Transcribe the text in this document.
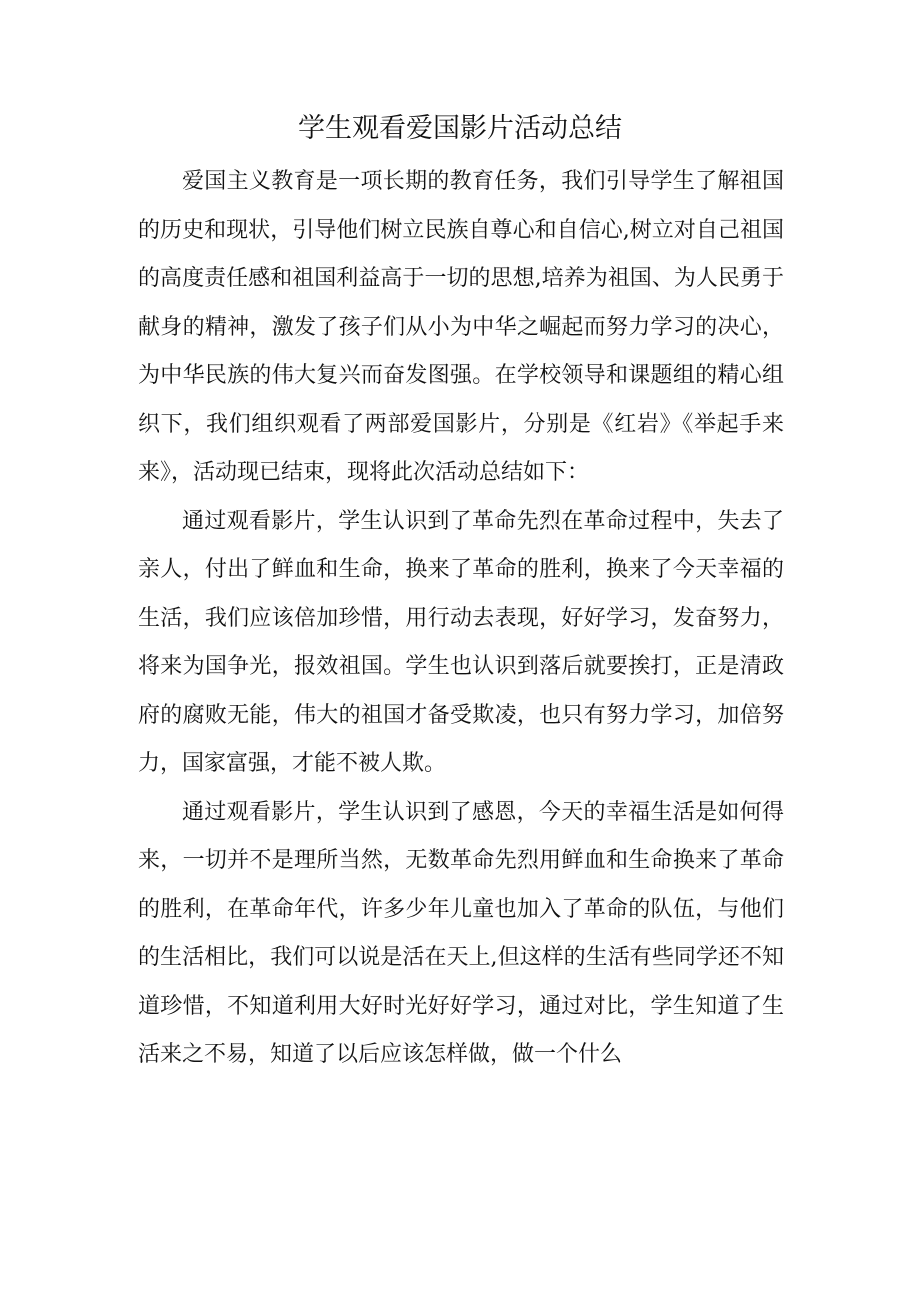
学生观看爱国影片活动总结

爱国主义教育是一项长期的教育任务，我们引导学生了解祖国的历史和现状，引导他们树立民族自尊心和自信心,树立对自己祖国的高度责任感和祖国利益高于一切的思想,培养为祖国、为人民勇于献身的精神，激发了孩子们从小为中华之崛起而努力学习的决心，为中华民族的伟大复兴而奋发图强。在学校领导和课题组的精心组织下，我们组织观看了两部爱国影片，分别是《红岩》《举起手来来》，活动现已结束，现将此次活动总结如下：

通过观看影片，学生认识到了革命先烈在革命过程中，失去了亲人，付出了鲜血和生命，换来了革命的胜利，换来了今天幸福的生活，我们应该倍加珍惜，用行动去表现，好好学习，发奋努力，将来为国争光，报效祖国。学生也认识到落后就要挨打，正是清政府的腐败无能，伟大的祖国才备受欺凌，也只有努力学习，加倍努力，国家富强，才能不被人欺。

通过观看影片，学生认识到了感恩，今天的幸福生活是如何得来，一切并不是理所当然，无数革命先烈用鲜血和生命换来了革命的胜利，在革命年代，许多少年儿童也加入了革命的队伍，与他们的生活相比，我们可以说是活在天上,但这样的生活有些同学还不知道珍惜，不知道利用大好时光好好学习，通过对比，学生知道了生活来之不易，知道了以后应该怎样做，做一个什么
